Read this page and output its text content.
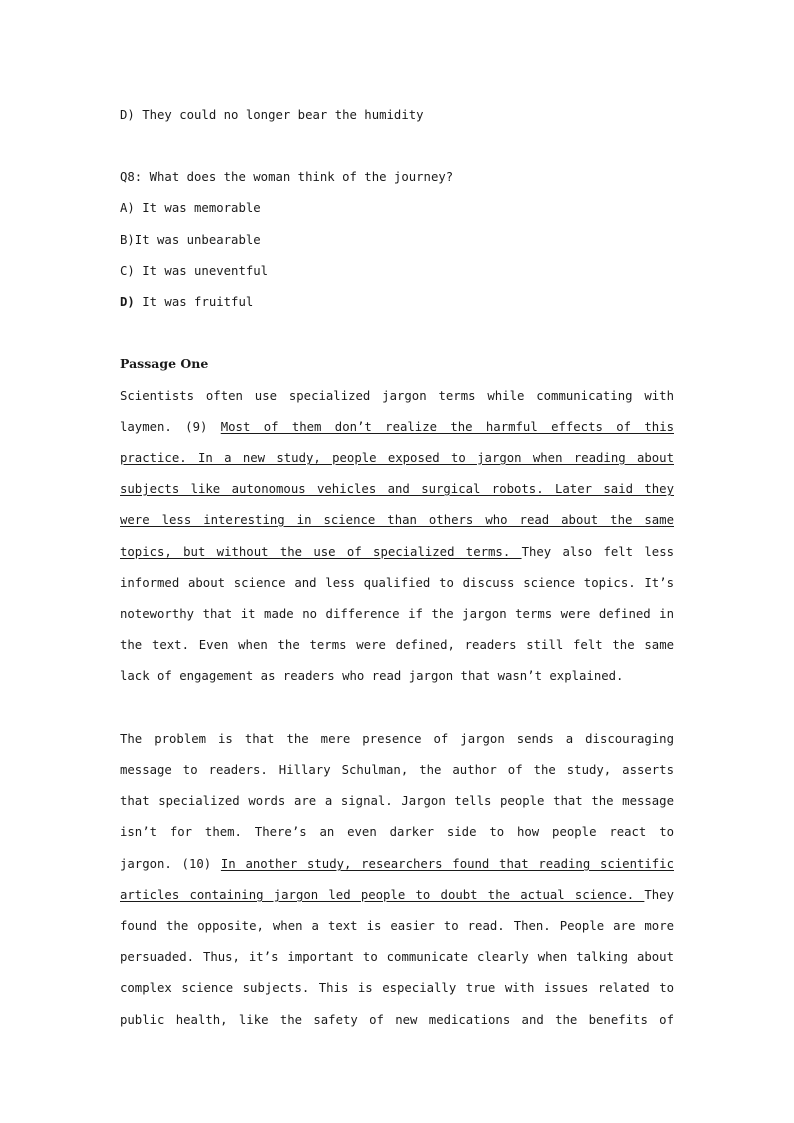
D) They could no longer bear the humidity
Q8: What does the woman think of the journey?
A) It was memorable
B)It was unbearable
C) It was uneventful
D) It was fruitful
Passage One
Scientists often use specialized jargon terms while communicating with
laymen. (9) Most of them don’t realize the harmful effects of this
practice. In a new study, people exposed to jargon when reading about
subjects like autonomous vehicles and surgical robots. Later said they
were less interesting in science than others who read about the same
topics, but without the use of specialized terms. They also felt less
informed about science and less qualified to discuss science topics. It’s
noteworthy that it made no difference if the jargon terms were defined in
the text. Even when the terms were defined, readers still felt the same
lack of engagement as readers who read jargon that wasn’t explained.
The problem is that the mere presence of jargon sends a discouraging
message to readers. Hillary Schulman, the author of the study, asserts
that specialized words are a signal. Jargon tells people that the message
isn’t for them. There’s an even darker side to how people react to
jargon. (10) In another study, researchers found that reading scientific
articles containing jargon led people to doubt the actual science. They
found the opposite, when a text is easier to read. Then. People are more
persuaded. Thus, it’s important to communicate clearly when talking about
complex science subjects. This is especially true with issues related to
public health, like the safety of new medications and the benefits of
